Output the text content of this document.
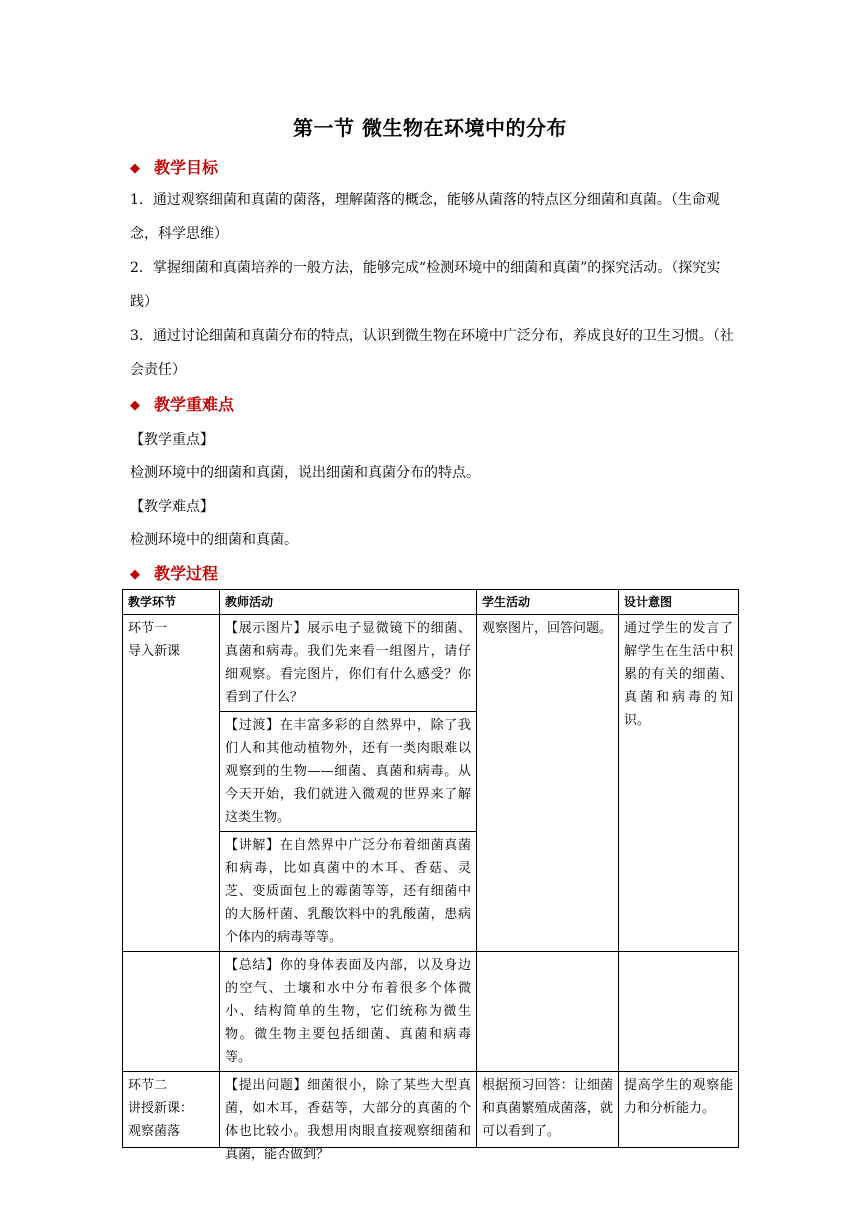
第一节 微生物在环境中的分布
◆ 教学目标
1．通过观察细菌和真菌的菌落，理解菌落的概念，能够从菌落的特点区分细菌和真菌。（生命观念，科学思维）
2．掌握细菌和真菌培养的一般方法，能够完成“检测环境中的细菌和真菌”的探究活动。（探究实践）
3．通过讨论细菌和真菌分布的特点，认识到微生物在环境中广泛分布，养成良好的卫生习惯。（社会责任）
◆ 教学重难点
【教学重点】
检测环境中的细菌和真菌，说出细菌和真菌分布的特点。
【教学难点】
检测环境中的细菌和真菌。
◆ 教学过程
教学环节	教师活动	学生活动	设计意图

环节一
导入新课	【展示图片】展示电子显微镜下的细菌、真菌和病毒。我们先来看一组图片，请仔细观察。看完图片，你们有什么感受？你看到了什么？	观察图片，回答问题。	通过学生的发言了解学生在生活中积累的有关的细菌、真菌和病毒的知识。
	【过渡】在丰富多彩的自然界中，除了我们人和其他动植物外，还有一类肉眼难以观察到的生物——细菌、真菌和病毒。从今天开始，我们就进入微观的世界来了解这类生物。		
	【讲解】在自然界中广泛分布着细菌真菌和病毒，比如真菌中的木耳、香菇、灵芝、变质面包上的霉菌等等，还有细菌中的大肠杆菌、乳酸饮料中的乳酸菌，患病个体内的病毒等等。		
	【总结】你的身体表面及内部，以及身边的空气、土壤和水中分布着很多个体微小、结构简单的生物，它们统称为微生物。微生物主要包括细菌、真菌和病毒等。		

环节二
讲授新课：
观察菌落	【提出问题】细菌很小，除了某些大型真菌，如木耳，香菇等，大部分的真菌的个体也比较小。我想用肉眼直接观察细菌和真菌，能否做到？	根据预习回答：让细菌和真菌繁殖成菌落，就可以看到了。	提高学生的观察能力和分析能力。
